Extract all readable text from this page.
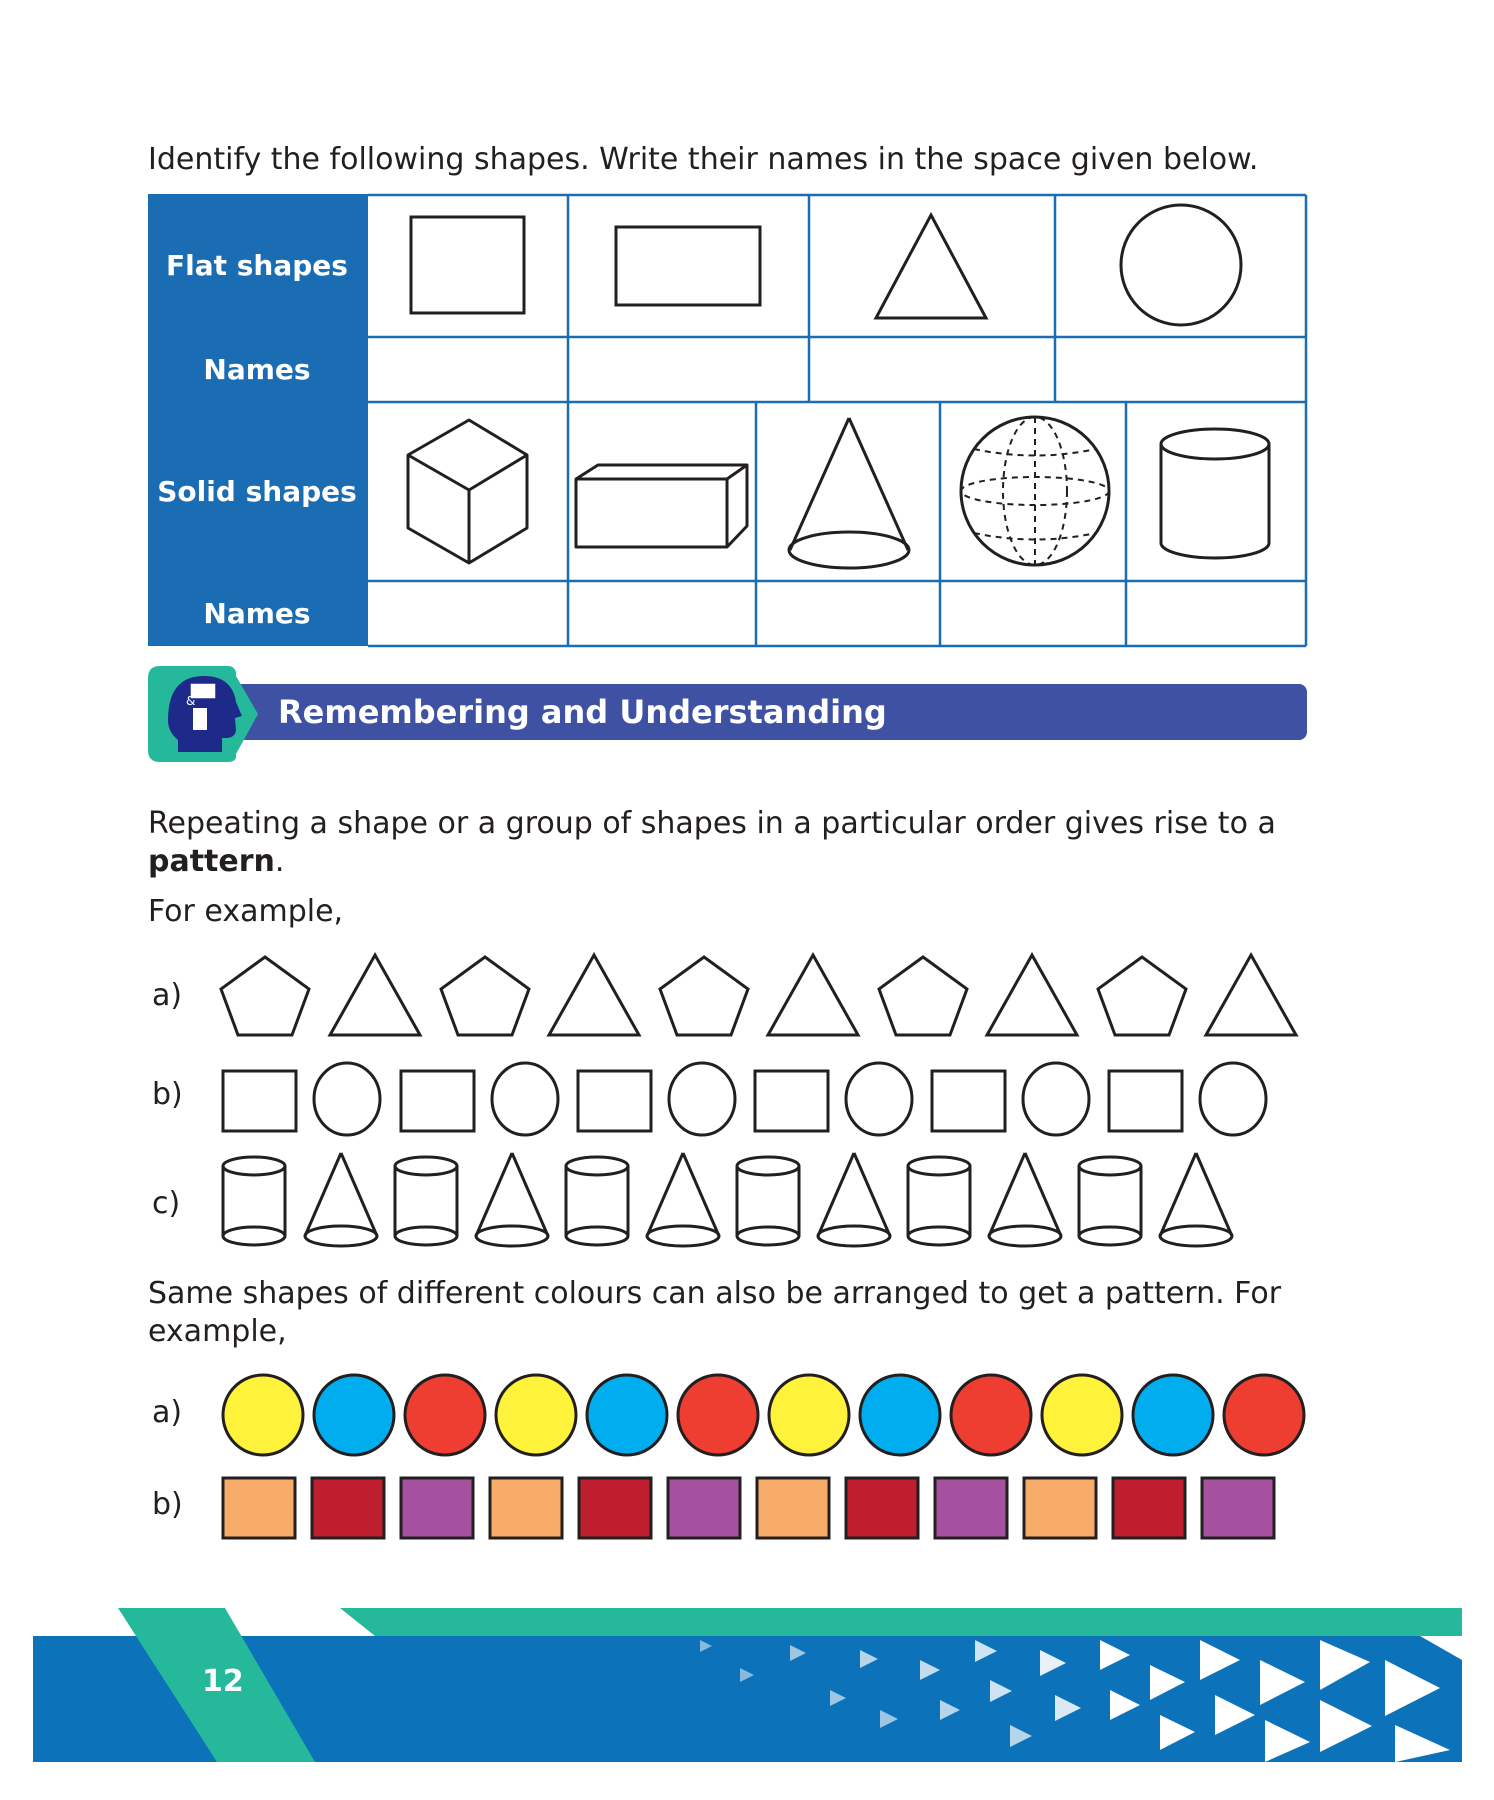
Identify the following shapes. Write their names in the space given below.
Flat shapes
Names
Solid shapes
Names
&	Remembering and Understanding
Repeating a shape or a group of shapes in a particular order gives rise to a
pattern.
For example,
a)
b)
c)
Same shapes of different colours can also be arranged to get a pattern. For example,
a)
b)
12
